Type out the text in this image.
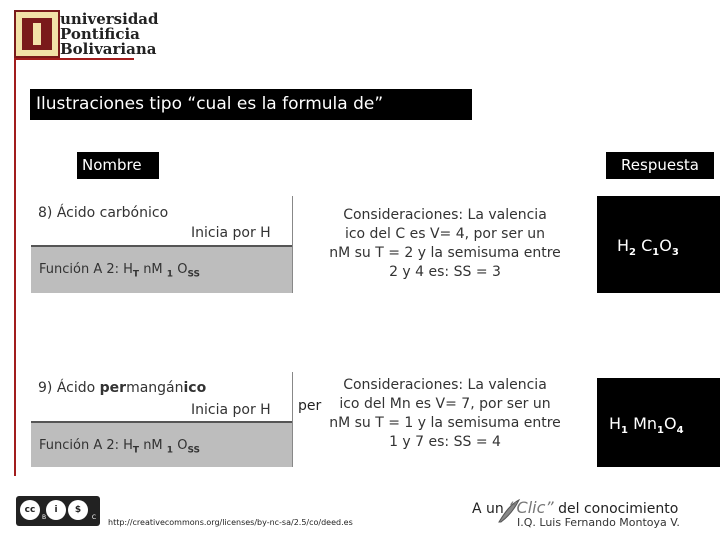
universidad
Pontificia
Bolivariana
Ilustraciones tipo “cual es la formula de”
Nombre	Respuesta
8) Ácido carbónico
Inicia por H
Función A 2: $H_T$ nM $_1$ $O_{SS}$
Consideraciones: La valencia
ico del C es V= 4, por ser un
nM su T = 2 y la semisuma entre
2 y 4 es: SS = 3
$H_2$ $C_1O_3$
9) Ácido permangánico
Inicia por H
Función A 2: $H_T$ nM $_1$ $O_{SS}$
per
Consideraciones: La valencia
ico del Mn es V= 7, por ser un
nM su T = 1 y la semisuma entre
1 y 7 es: SS = 4
$H_1$ $Mn_1O_4$
cc	i	$
BY NC SA
http://creativecommons.org/licenses/by-nc-sa/2.5/co/deed.es
A un “Clic” del conocimiento
I.Q. Luis Fernando Montoya V.
